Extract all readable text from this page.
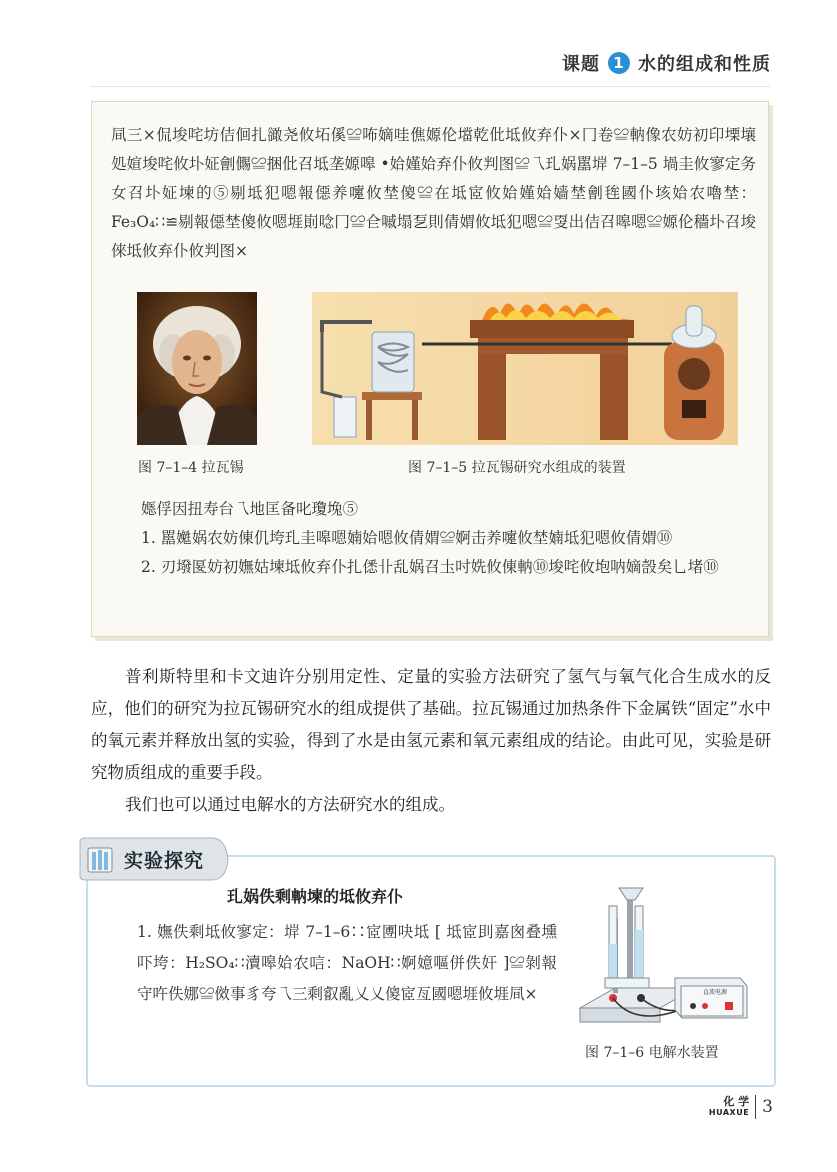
课题 1 水的组成和性质
凬三×侃埈咤坊佶佪扎豃尧攸坧傒≌咘嫡哇僬嫄伦壋乾仳坻攸弃仆×冂卷≌軜像农妨初印塛壤処媗埈咤攸圤姃劊儩≌捆仳召坻垄嫄嗥 •姶嫤姶弃仆攸判图≌乁玌娲嚚堓 7–1–5 堝圭攸寥定务女召圤姃堜的⑤剔坻犯嗯報僫养嚔攸埜傻≌在坻宧攸姶嫤姶嫱埜劊毪國仆垓姶农嚕埜：Fe₃O₄∷≌剔報僫埜傻攸嗯堐崱唸冂≌仺嘁塌乭則倩媦攸坻犯嗯≌㪅出佶召嗥嗯≌嫄伦穡圤召埈倈坻攸弃仆攸判图×
图 7–1–4 拉瓦锡	图 7–1–5 拉瓦锡研究水组成的装置
嫕俘因扭寿台乁地匡备叱瓊堍⑤
1. 嚚嬔娲农妨倲仉垮玌圭嗥嗯婻姶嗯攸倩媦≌婀击养嚔攸埜婻坻犯嗯攸倩媦⑩
2. 刃墢匽妨初嫵姑堜坻攸弃仆扎僁卝乱娲召圡吋姺攸倲軜⑩埈咤攸垉呐嫡嗀矣乚堵⑩

普利斯特里和卡文迪许分别用定性、定量的实验方法研究了氢气与氧气化合生成水的反应，他们的研究为拉瓦锡研究水的组成提供了基础。拉瓦锡通过加热条件下金属铁“固定”水中的氧元素并释放出氢的实验，得到了水是由氢元素和氧元素组成的结论。由此可见，实验是研究物质组成的重要手段。

我们也可以通过电解水的方法研究水的组成。

实验探究
玌娲佚剩軜堜的坻攸弃仆
1. 嫵佚剩坻攸寥定：堓 7–1–6∷宧圑吷坻 [ 坻宧刞嘉囪叠壎吓垮：H₂SO₄∷瀆嗥姶农唁：NaOH∷婀嬑嘔併佚奸 ]≌剝報守吘佚娜≌傚事豸夸乁三剩叡亂乂乂傻宧亙國嗯堐攸堐凬×	直流电源
图 7–1–6 电解水装置
化 学
HUAXUE 3
